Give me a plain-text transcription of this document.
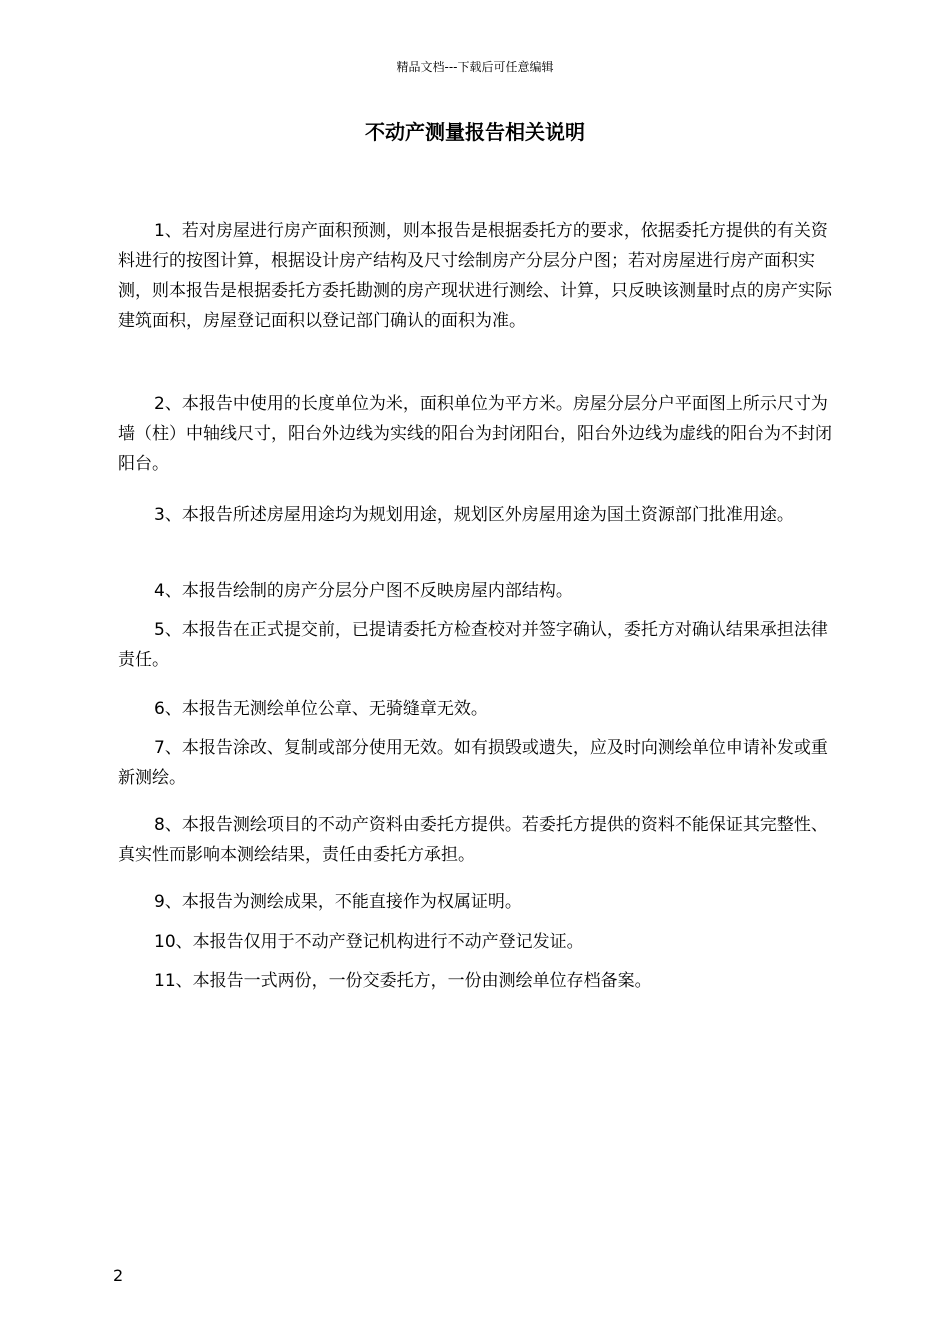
精品文档---下载后可任意编辑
不动产测量报告相关说明

1、若对房屋进行房产面积预测，则本报告是根据委托方的要求，依据委托方提供的有关资料进行的按图计算，根据设计房产结构及尺寸绘制房产分层分户图；若对房屋进行房产面积实测，则本报告是根据委托方委托勘测的房产现状进行测绘、计算，只反映该测量时点的房产实际建筑面积，房屋登记面积以登记部门确认的面积为准。

2、本报告中使用的长度单位为米，面积单位为平方米。房屋分层分户平面图上所示尺寸为墙（柱）中轴线尺寸，阳台外边线为实线的阳台为封闭阳台，阳台外边线为虚线的阳台为不封闭阳台。

3、本报告所述房屋用途均为规划用途，规划区外房屋用途为国土资源部门批准用途。

4、本报告绘制的房产分层分户图不反映房屋内部结构。

5、本报告在正式提交前，已提请委托方检查校对并签字确认，委托方对确认结果承担法律责任。

6、本报告无测绘单位公章、无骑缝章无效。

7、本报告涂改、复制或部分使用无效。如有损毁或遗失，应及时向测绘单位申请补发或重新测绘。

8、本报告测绘项目的不动产资料由委托方提供。若委托方提供的资料不能保证其完整性、真实性而影响本测绘结果，责任由委托方承担。

9、本报告为测绘成果，不能直接作为权属证明。

10、本报告仅用于不动产登记机构进行不动产登记发证。

11、本报告一式两份，一份交委托方，一份由测绘单位存档备案。

2
